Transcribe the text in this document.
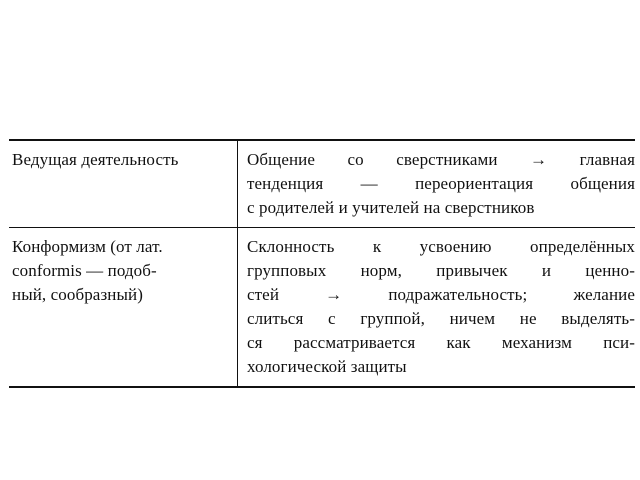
Ведущая деятельность	Общение со сверстниками → главная
тенденция — переориентация общения
с родителей и учителей на сверстников
Конформизм (от лат.
conformis — подоб-
ный, сообразный)
Склонность к усвоению определённых
групповых норм, привычек и ценно-
стей → подражательность; желание
слиться с группой, ничем не выделять-
ся рассматривается как механизм пси-
хологической защиты
